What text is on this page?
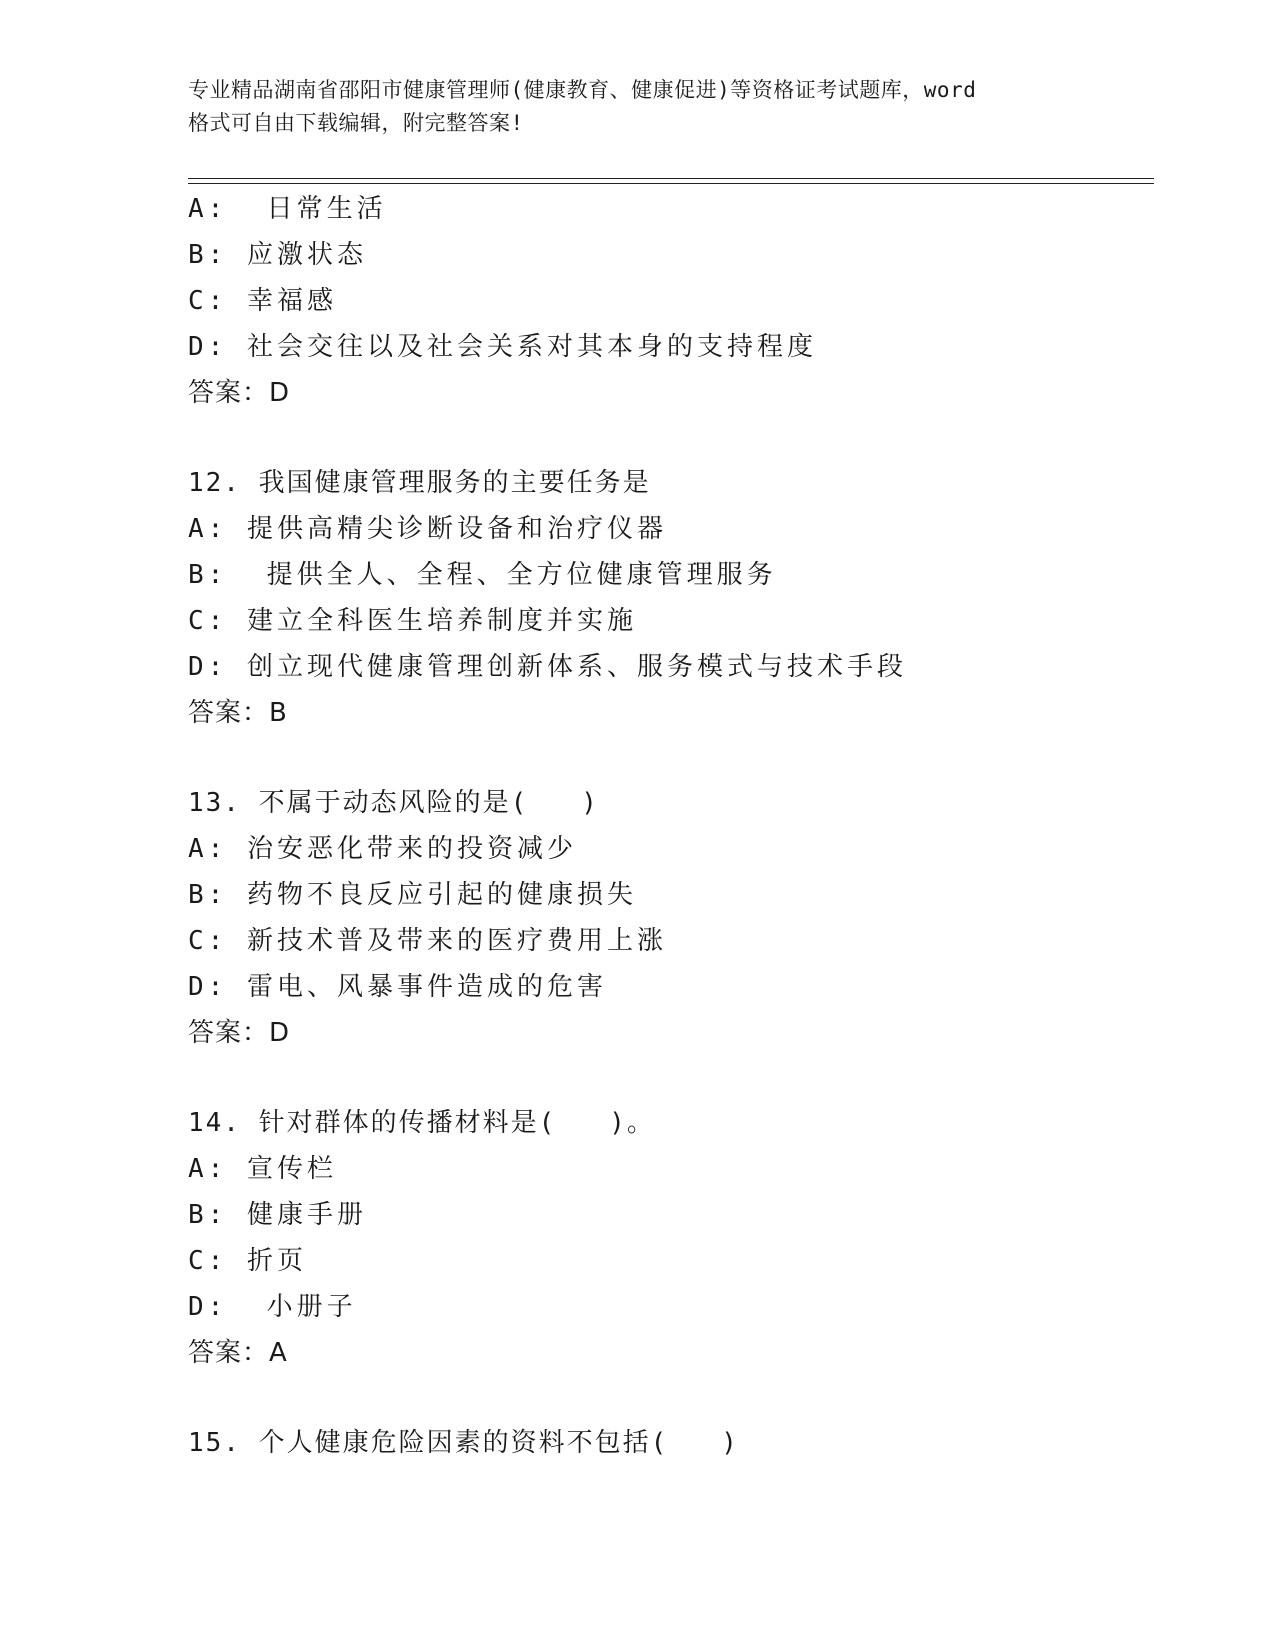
专业精品湖南省邵阳市健康管理师(健康教育、健康促进)等资格证考试题库，word
格式可自由下载编辑，附完整答案!
A:  日常生活
B: 应激状态
C: 幸福感
D: 社会交往以及社会关系对其本身的支持程度
答案：D
12. 我国健康管理服务的主要任务是
A: 提供高精尖诊断设备和治疗仪器
B:  提供全人、全程、全方位健康管理服务
C: 建立全科医生培养制度并实施
D: 创立现代健康管理创新体系、服务模式与技术手段
答案：B
13. 不属于动态风险的是(   )
A: 治安恶化带来的投资减少
B: 药物不良反应引起的健康损失
C: 新技术普及带来的医疗费用上涨
D: 雷电、风暴事件造成的危害
答案：D
14. 针对群体的传播材料是(   )。
A: 宣传栏
B: 健康手册
C: 折页
D:  小册子
答案：A
15. 个人健康危险因素的资料不包括(   )
